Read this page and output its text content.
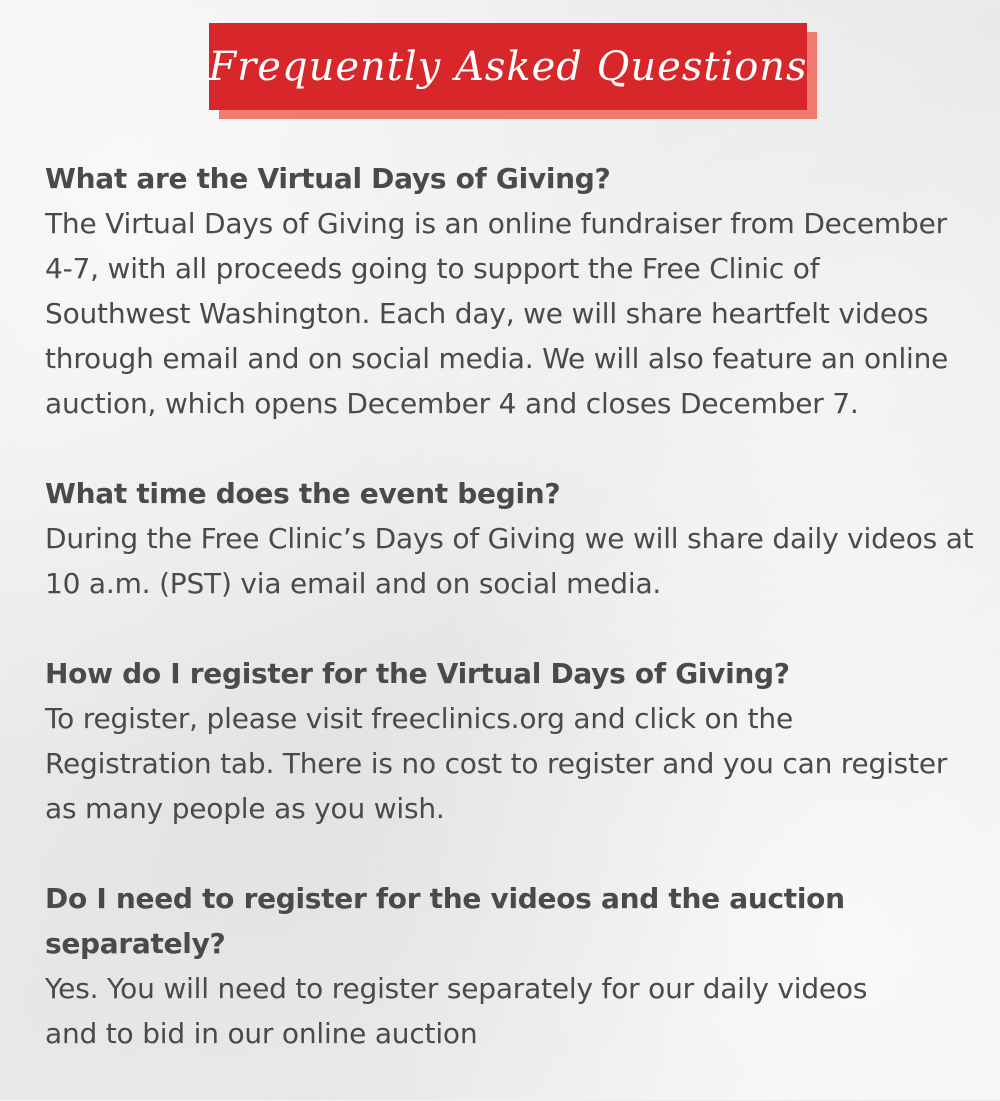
Frequently Asked Questions

What are the Virtual Days of Giving?

The Virtual Days of Giving is an online fundraiser from December 4-7, with all proceeds going to support the Free Clinic of Southwest Washington. Each day, we will share heartfelt videos through email and on social media. We will also feature an online auction, which opens December 4 and closes December 7.

What time does the event begin?

During the Free Clinic’s Days of Giving we will share daily videos at 10 a.m. (PST) via email and on social media.

How do I register for the Virtual Days of Giving?

To register, please visit freeclinics.org and click on the Registration tab. There is no cost to register and you can register as many people as you wish.

Do I need to register for the videos and the auction separately?

Yes. You will need to register separately for our daily videos and to bid in our online auction
